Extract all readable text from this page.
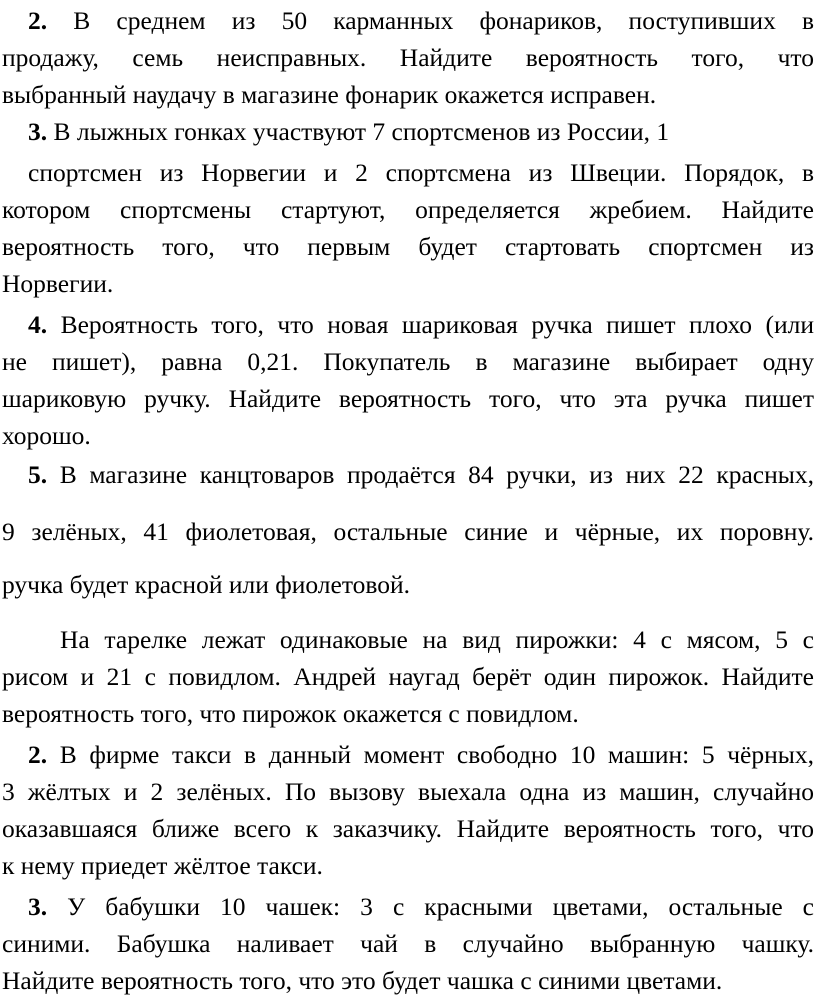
2. В среднем из 50 карманных фонариков, поступивших в
продажу, семь неисправных. Найдите вероятность того, что
выбранный наудачу в магазине фонарик окажется исправен.
3. В лыжных гонках участвуют 7 спортсменов из России, 1
спортсмен из Норвегии и 2 спортсмена из Швеции. Порядок, в
котором спортсмены стартуют, определяется жребием. Найдите
вероятность того, что первым будет стартовать спортсмен из
Норвегии.
4. Вероятность того, что новая шариковая ручка пишет плохо (или
не пишет), равна 0,21. Покупатель в магазине выбирает одну
шариковую ручку. Найдите вероятность того, что эта ручка пишет
хорошо.
5. В магазине канцтоваров продаётся 84 ручки, из них 22 красных,
9 зелёных, 41 фиолетовая, остальные синие и чёрные, их поровну.
ручка будет красной или фиолетовой.
На тарелке лежат одинаковые на вид пирожки: 4 с мясом, 5 с
рисом и 21 с повидлом. Андрей наугад берёт один пирожок. Найдите
вероятность того, что пирожок окажется с повидлом.
2. В фирме такси в данный момент свободно 10 машин: 5 чёрных,
3 жёлтых и 2 зелёных. По вызову выехала одна из машин, случайно
оказавшаяся ближе всего к заказчику. Найдите вероятность того, что
к нему приедет жёлтое такси.
3. У бабушки 10 чашек: 3 с красными цветами, остальные с
синими. Бабушка наливает чай в случайно выбранную чашку.
Найдите вероятность того, что это будет чашка с синими цветами.
